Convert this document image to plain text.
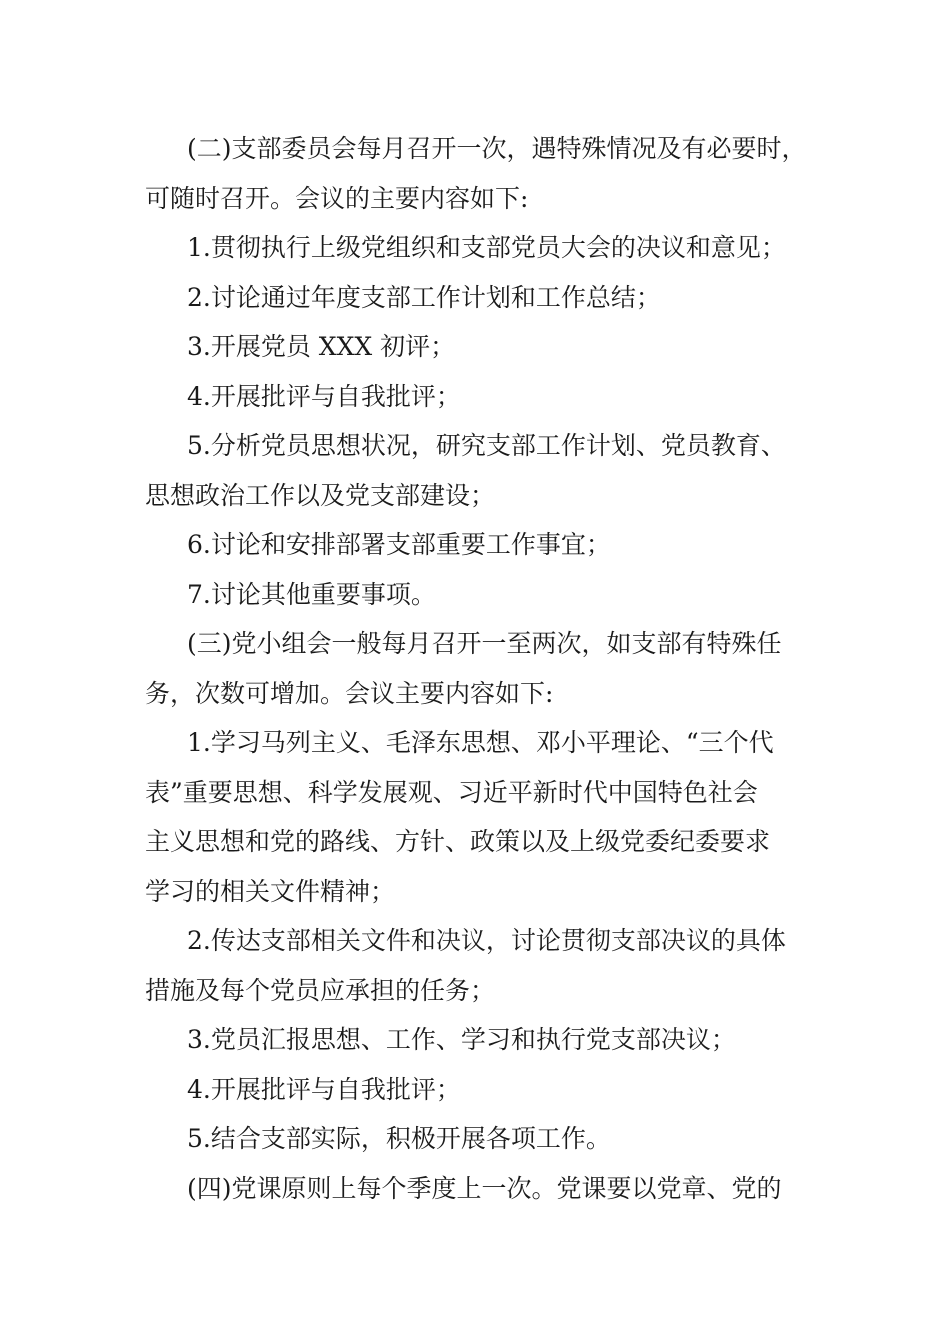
(二)支部委员会每月召开一次，遇特殊情况及有必要时，
可随时召开。会议的主要内容如下:

1.贯彻执行上级党组织和支部党员大会的决议和意见；

2.讨论通过年度支部工作计划和工作总结；

3.开展党员 XXX 初评；

4.开展批评与自我批评；

5.分析党员思想状况，研究支部工作计划、党员教育、
思想政治工作以及党支部建设；

6.讨论和安排部署支部重要工作事宜；

7.讨论其他重要事项。

(三)党小组会一般每月召开一至两次，如支部有特殊任
务，次数可增加。会议主要内容如下:

1.学习马列主义、毛泽东思想、邓小平理论、“三个代
表”重要思想、科学发展观、习近平新时代中国特色社会
主义思想和党的路线、方针、政策以及上级党委纪委要求
学习的相关文件精神；

2.传达支部相关文件和决议，讨论贯彻支部决议的具体
措施及每个党员应承担的任务；

3.党员汇报思想、工作、学习和执行党支部决议；

4.开展批评与自我批评；

5.结合支部实际，积极开展各项工作。

(四)党课原则上每个季度上一次。党课要以党章、党的
